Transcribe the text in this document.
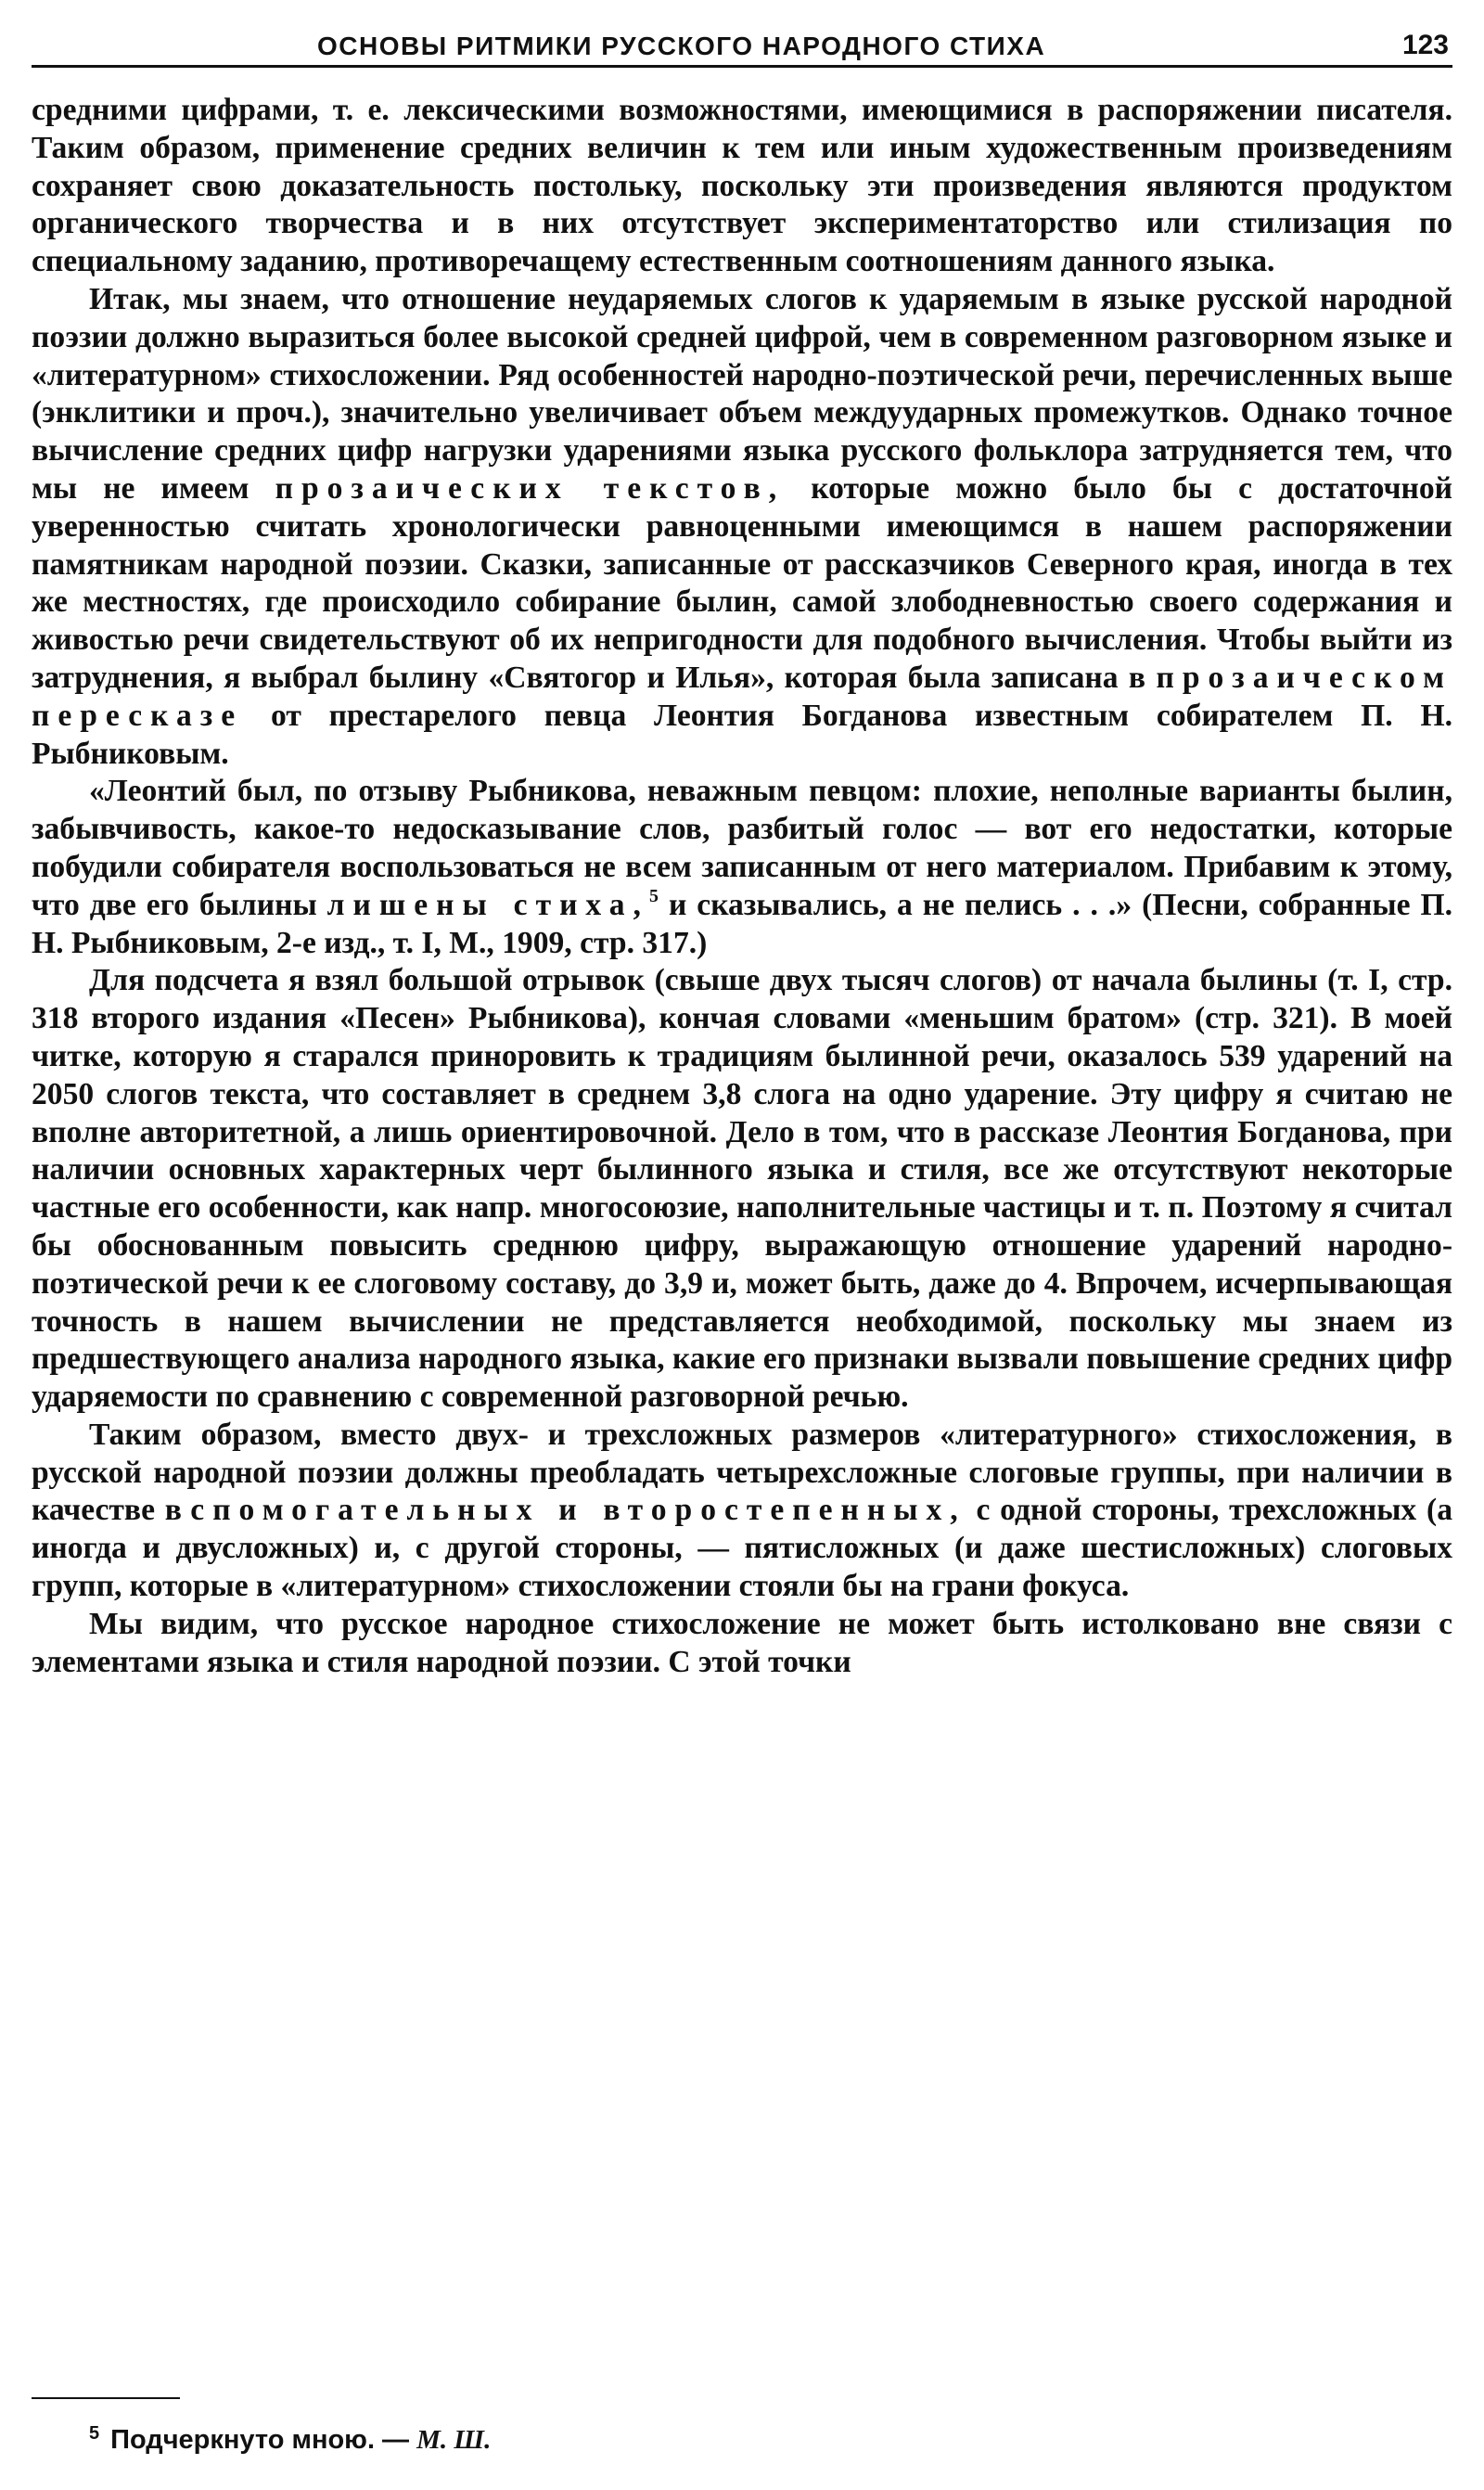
ОСНОВЫ РИТМИКИ РУССКОГО НАРОДНОГО СТИХА	123

средними цифрами, т. е. лексическими возможностями, имеющимися в распоряжении писателя. Таким образом, применение средних величин к тем или иным художественным произведениям сохраняет свою доказательность постольку, поскольку эти произведения являются продуктом органического творчества и в них отсутствует экспериментаторство или стилизация по специальному заданию, противоречащему естественным соотношениям данного языка.

Итак, мы знаем, что отношение неударяемых слогов к ударяемым в языке русской народной поэзии должно выразиться более высокой средней цифрой, чем в современном разговорном языке и «литературном» стихосложении. Ряд особенностей народно-поэтической речи, перечисленных выше (энклитики и проч.), значительно увеличивает объем междуударных промежутков. Однако точное вычисление средних цифр нагрузки ударениями языка русского фольклора затрудняется тем, что мы не имеем прозаических текстов, которые можно было бы с достаточной уверенностью считать хронологически равноценными имеющимся в нашем распоряжении памятникам народной поэзии. Сказки, записанные от рассказчиков Северного края, иногда в тех же местностях, где происходило собирание былин, самой злободневностью своего содержания и живостью речи свидетельствуют об их непригодности для подобного вычисления. Чтобы выйти из затруднения, я выбрал былину «Святогор и Илья», которая была записана в прозаическом пересказе от престарелого певца Леонтия Богданова известным собирателем П. Н. Рыбниковым.

«Леонтий был, по отзыву Рыбникова, неважным певцом: плохие, неполные варианты былин, забывчивость, какое-то недосказывание слов, разбитый голос — вот его недостатки, которые побудили собирателя воспользоваться не всем записанным от него материалом. Прибавим к этому, что две его былины лишены стиха,$^5$ и сказывались, а не пелись . . .» (Песни, собранные П. Н. Рыбниковым, 2-е изд., т. I, М., 1909, стр. 317.)

Для подсчета я взял большой отрывок (свыше двух тысяч слогов) от начала былины (т. I, стр. 318 второго издания «Песен» Рыбникова), кончая словами «меньшим братом» (стр. 321). В моей читке, которую я старался приноровить к традициям былинной речи, оказалось 539 ударений на 2050 слогов текста, что составляет в среднем 3,8 слога на одно ударение. Эту цифру я считаю не вполне авторитетной, а лишь ориентировочной. Дело в том, что в рассказе Леонтия Богданова, при наличии основных характерных черт былинного языка и стиля, все же отсутствуют некоторые частные его особенности, как напр. многосоюзие, наполнительные частицы и т. п. Поэтому я считал бы обоснованным повысить среднюю цифру, выражающую отношение ударений народно-поэтической речи к ее слоговому составу, до 3,9 и, может быть, даже до 4. Впрочем, исчерпывающая точность в нашем вычислении не представляется необходимой, поскольку мы знаем из предшествующего анализа народного языка, какие его признаки вызвали повышение средних цифр ударяемости по сравнению с современной разговорной речью.

Таким образом, вместо двух- и трехсложных размеров «литературного» стихосложения, в русской народной поэзии должны преобладать четырехсложные слоговые группы, при наличии в качестве вспомогательных и второстепенных, с одной стороны, трехсложных (а иногда и двусложных) и, с другой стороны, — пятисложных (и даже шестисложных) слоговых групп, которые в «литературном» стихосложении стояли бы на грани фокуса.

Мы видим, что русское народное стихосложение не может быть истолковано вне связи с элементами языка и стиля народной поэзии. С этой точки

$^5$ Подчеркнуто мною. — М. Ш.
